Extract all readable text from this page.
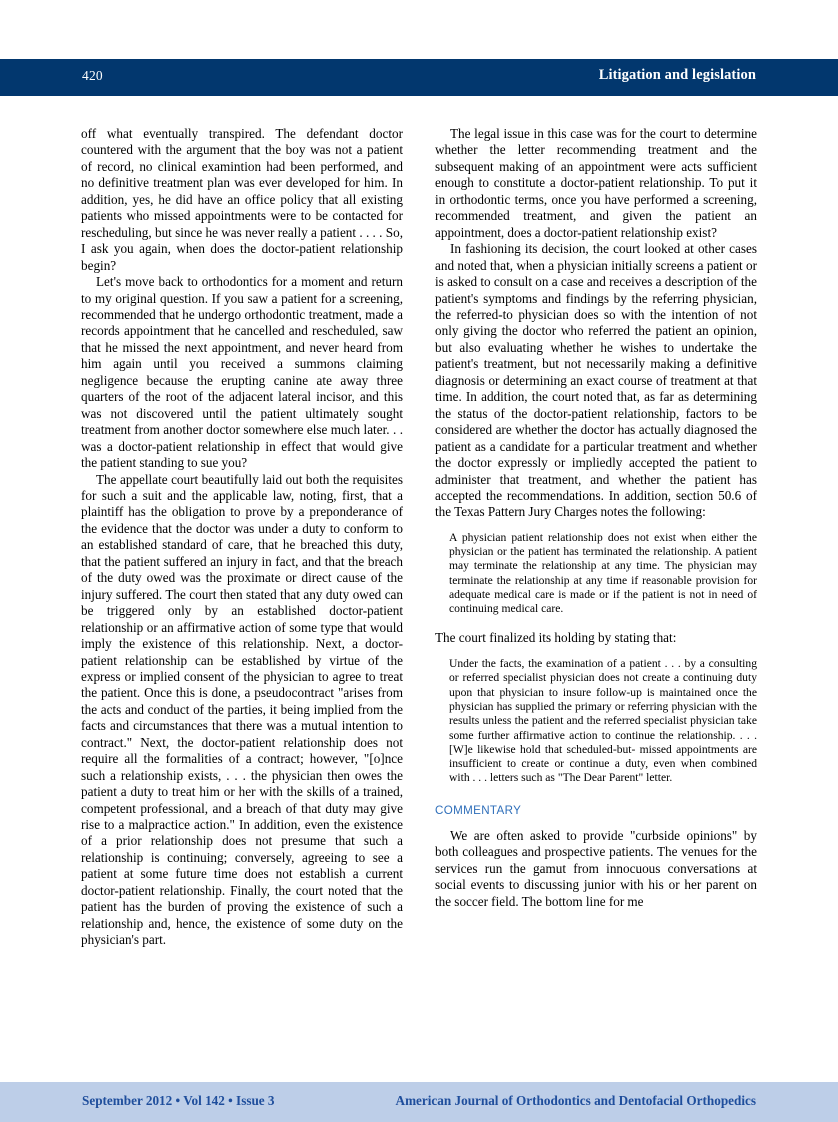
420	Litigation and legislation

off what eventually transpired. The defendant doctor countered with the argument that the boy was not a patient of record, no clinical examintion had been performed, and no definitive treatment plan was ever developed for him. In addition, yes, he did have an office policy that all existing patients who missed appointments were to be contacted for rescheduling, but since he was never really a patient . . . . So, I ask you again, when does the doctor-patient relationship begin?

Let's move back to orthodontics for a moment and return to my original question. If you saw a patient for a screening, recommended that he undergo orthodontic treatment, made a records appointment that he cancelled and rescheduled, saw that he missed the next appointment, and never heard from him again until you received a summons claiming negligence because the erupting canine ate away three quarters of the root of the adjacent lateral incisor, and this was not discovered until the patient ultimately sought treatment from another doctor somewhere else much later. . . was a doctor-patient relationship in effect that would give the patient standing to sue you?

The appellate court beautifully laid out both the requisites for such a suit and the applicable law, noting, first, that a plaintiff has the obligation to prove by a preponderance of the evidence that the doctor was under a duty to conform to an established standard of care, that he breached this duty, that the patient suffered an injury in fact, and that the breach of the duty owed was the proximate or direct cause of the injury suffered. The court then stated that any duty owed can be triggered only by an established doctor-patient relationship or an affirmative action of some type that would imply the existence of this relationship. Next, a doctor-patient relationship can be established by virtue of the express or implied consent of the physician to agree to treat the patient. Once this is done, a pseudocontract "arises from the acts and conduct of the parties, it being implied from the facts and circumstances that there was a mutual intention to contract." Next, the doctor-patient relationship does not require all the formalities of a contract; however, "[o]nce such a relationship exists, . . . the physician then owes the patient a duty to treat him or her with the skills of a trained, competent professional, and a breach of that duty may give rise to a malpractice action." In addition, even the existence of a prior relationship does not presume that such a relationship is continuing; conversely, agreeing to see a patient at some future time does not establish a current doctor-patient relationship. Finally, the court noted that the patient has the burden of proving the existence of such a relationship and, hence, the existence of some duty on the physician's part.

The legal issue in this case was for the court to determine whether the letter recommending treatment and the subsequent making of an appointment were acts sufficient enough to constitute a doctor-patient relationship. To put it in orthodontic terms, once you have performed a screening, recommended treatment, and given the patient an appointment, does a doctor-patient relationship exist?

In fashioning its decision, the court looked at other cases and noted that, when a physician initially screens a patient or is asked to consult on a case and receives a description of the patient's symptoms and findings by the referring physician, the referred-to physician does so with the intention of not only giving the doctor who referred the patient an opinion, but also evaluating whether he wishes to undertake the patient's treatment, but not necessarily making a definitive diagnosis or determining an exact course of treatment at that time. In addition, the court noted that, as far as determining the status of the doctor-patient relationship, factors to be considered are whether the doctor has actually diagnosed the patient as a candidate for a particular treatment and whether the doctor expressly or impliedly accepted the patient to administer that treatment, and whether the patient has accepted the recommendations. In addition, section 50.6 of the Texas Pattern Jury Charges notes the following:

A physician patient relationship does not exist when either the physician or the patient has terminated the relationship. A patient may terminate the relationship at any time. The physician may terminate the relationship at any time if reasonable provision for adequate medical care is made or if the patient is not in need of continuing medical care.

The court finalized its holding by stating that:

Under the facts, the examination of a patient . . . by a consulting or referred specialist physician does not create a continuing duty upon that physician to insure follow-up is maintained once the physician has supplied the primary or referring physician with the results unless the patient and the referred specialist physician take some further affirmative action to continue the relationship. . . . [W]e likewise hold that scheduled-but- missed appointments are insufficient to create or continue a duty, even when combined with . . . letters such as "The Dear Parent" letter.

COMMENTARY

We are often asked to provide "curbside opinions" by both colleagues and prospective patients. The venues for the services run the gamut from innocuous conversations at social events to discussing junior with his or her parent on the soccer field. The bottom line for me

September 2012 • Vol 142 • Issue 3	American Journal of Orthodontics and Dentofacial Orthopedics
